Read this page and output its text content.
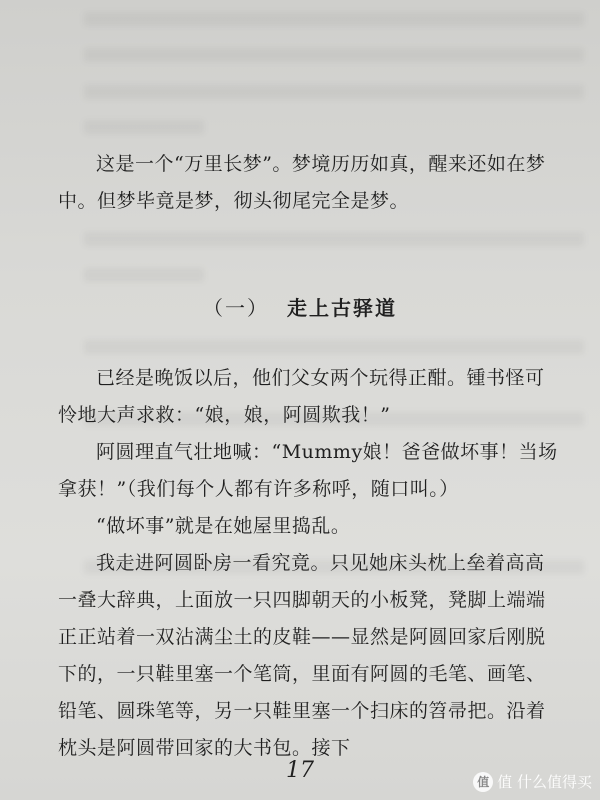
这是一个“万里长梦”。梦境历历如真，醒来还如在梦中。但梦毕竟是梦，彻头彻尾完全是梦。

（一） 走上古驿道

已经是晚饭以后，他们父女两个玩得正酣。锺书怪可怜地大声求救：“娘，娘，阿圆欺我！”

阿圆理直气壮地喊：“Mummy娘！爸爸做坏事！当场拿获！”（我们每个人都有许多称呼，随口叫。）

“做坏事”就是在她屋里捣乱。

我走进阿圆卧房一看究竟。只见她床头枕上垒着高高一叠大辞典，上面放一只四脚朝天的小板凳，凳脚上端端正正站着一双沾满尘土的皮鞋——显然是阿圆回家后刚脱下的，一只鞋里塞一个笔筒，里面有阿圆的毛笔、画笔、铅笔、圆珠笔等，另一只鞋里塞一个扫床的笤帚把。沿着枕头是阿圆带回家的大书包。接下

17	值 值 什么值得买
